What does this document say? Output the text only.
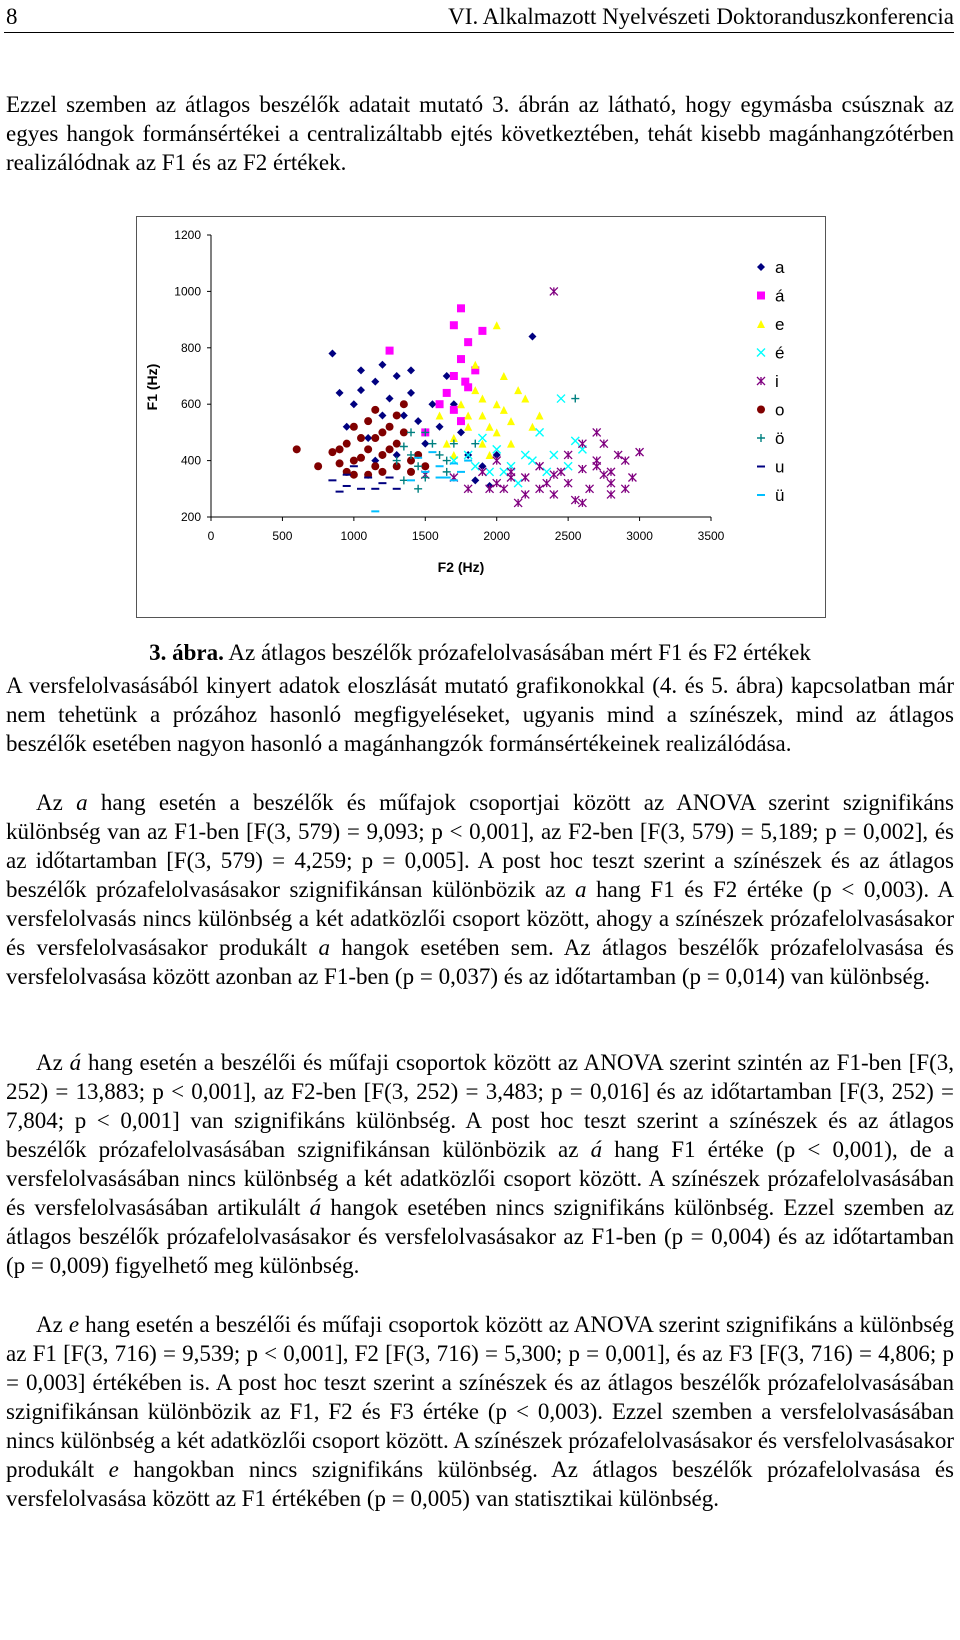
8	VI. Alkalmazott Nyelvészeti Doktoranduszkonferencia

Ezzel szemben az átlagos beszélők adatait mutató 3. ábrán az látható, hogy egymásba csúsznak az egyes hangok formánsértékei a centralizáltabb ejtés következtében, tehát kisebb magánhangzótérben realizálódnak az F1 és az F2 értékek.

200
400
600
800
1000
1200
0	500	1000	1500	2000	2500	3000	3500
a
á
e
é
i
o
ö
u
ü
F1 (Hz)
F2 (Hz)

3. ábra. Az átlagos beszélők prózafelolvasásában mért F1 és F2 értékek

A versfelolvasásából kinyert adatok eloszlását mutató grafikonokkal (4. és 5. ábra) kapcsolatban már nem tehetünk a prózához hasonló megfigyeléseket, ugyanis mind a színészek, mind az átlagos beszélők esetében nagyon hasonló a magánhangzók formánsértékeinek realizálódása.

Az a hang esetén a beszélők és műfajok csoportjai között az ANOVA szerint szignifikáns különbség van az F1-ben [F(3, 579) = 9,093; p < 0,001], az F2-ben [F(3, 579) = 5,189; p = 0,002], és az időtartamban [F(3, 579) = 4,259; p = 0,005]. A post hoc teszt szerint a színészek és az átlagos beszélők prózafelolvasásakor szignifikánsan különbözik az a hang F1 és F2 értéke (p < 0,003). A versfelolvasás nincs különbség a két adatközlői csoport között, ahogy a színészek prózafelolvasásakor és versfelolvasásakor produkált a hangok esetében sem. Az átlagos beszélők prózafelolvasása és versfelolvasása között azonban az F1-ben (p = 0,037) és az időtartamban (p = 0,014) van különbség.

Az á hang esetén a beszélői és műfaji csoportok között az ANOVA szerint szintén az F1-ben [F(3, 252) = 13,883; p < 0,001], az F2-ben [F(3, 252) = 3,483; p = 0,016] és az időtartamban [F(3, 252) = 7,804; p < 0,001] van szignifikáns különbség. A post hoc teszt szerint a színészek és az átlagos beszélők prózafelolvasásában szignifikánsan különbözik az á hang F1 értéke (p < 0,001), de a versfelolvasásában nincs különbség a két adatközlői csoport között. A színészek prózafelolvasásában és versfelolvasásában artikulált á hangok esetében nincs szignifikáns különbség. Ezzel szemben az átlagos beszélők prózafelolvasásakor és versfelolvasásakor az F1-ben (p = 0,004) és az időtartamban (p = 0,009) figyelhető meg különbség.

Az e hang esetén a beszélői és műfaji csoportok között az ANOVA szerint szignifikáns a különbség az F1 [F(3, 716) = 9,539; p < 0,001], F2 [F(3, 716) = 5,300; p = 0,001], és az F3 [F(3, 716) = 4,806; p = 0,003] értékében is. A post hoc teszt szerint a színészek és az átlagos beszélők prózafelolvasásában szignifikánsan különbözik az F1, F2 és F3 értéke (p < 0,003). Ezzel szemben a versfelolvasásában nincs különbség a két adatközlői csoport között. A színészek prózafelolvasásakor és versfelolvasásakor produkált e hangokban nincs szignifikáns különbség. Az átlagos beszélők prózafelolvasása és versfelolvasása között az F1 értékében (p = 0,005) van statisztikai különbség.
